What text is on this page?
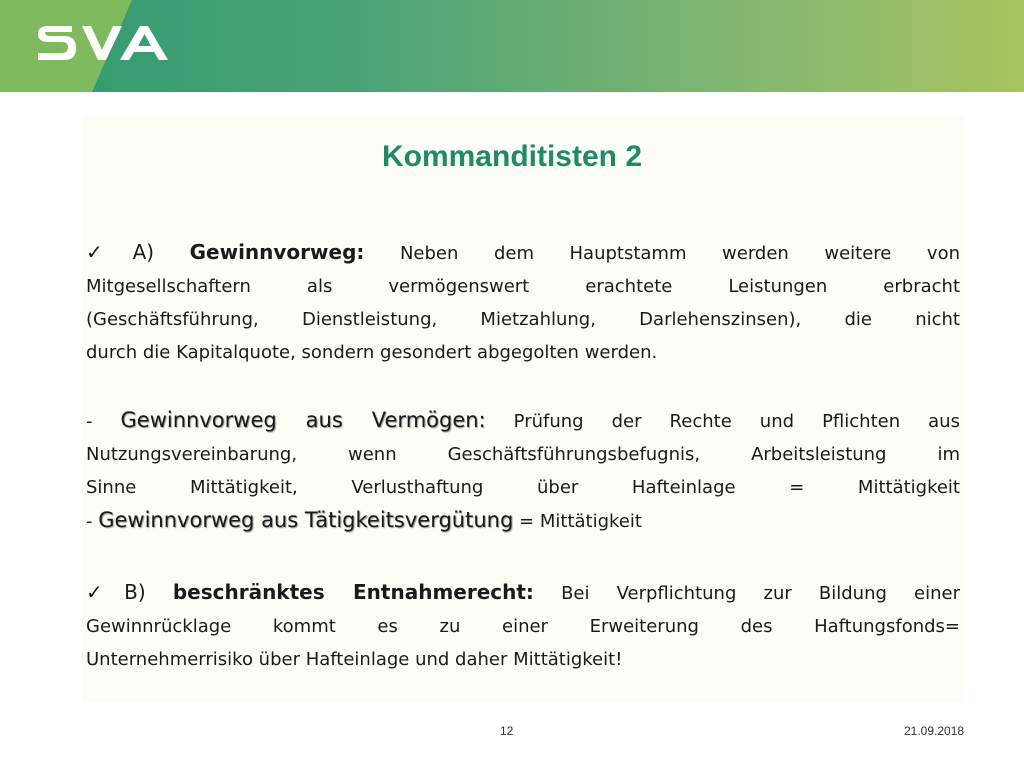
Kommanditisten 2
✓A) Gewinnvorweg: Neben dem Hauptstamm werden weitere von
Mitgesellschaftern als vermögenswert erachtete Leistungen erbracht
(Geschäftsführung, Dienstleistung, Mietzahlung, Darlehenszinsen), die nicht
durch die Kapitalquote, sondern gesondert abgegolten werden.
- Gewinnvorweg aus Vermögen: Prüfung der Rechte und Pflichten aus
Nutzungsvereinbarung, wenn Geschäftsführungsbefugnis, Arbeitsleistung im
Sinne Mittätigkeit, Verlusthaftung über Hafteinlage = Mittätigkeit
- Gewinnvorweg aus Tätigkeitsvergütung = Mittätigkeit
✓B) beschränktes Entnahmerecht: Bei Verpflichtung zur Bildung einer
Gewinnrücklage kommt es zu einer Erweiterung des Haftungsfonds=
Unternehmerrisiko über Hafteinlage und daher Mittätigkeit!
12	21.09.2018
